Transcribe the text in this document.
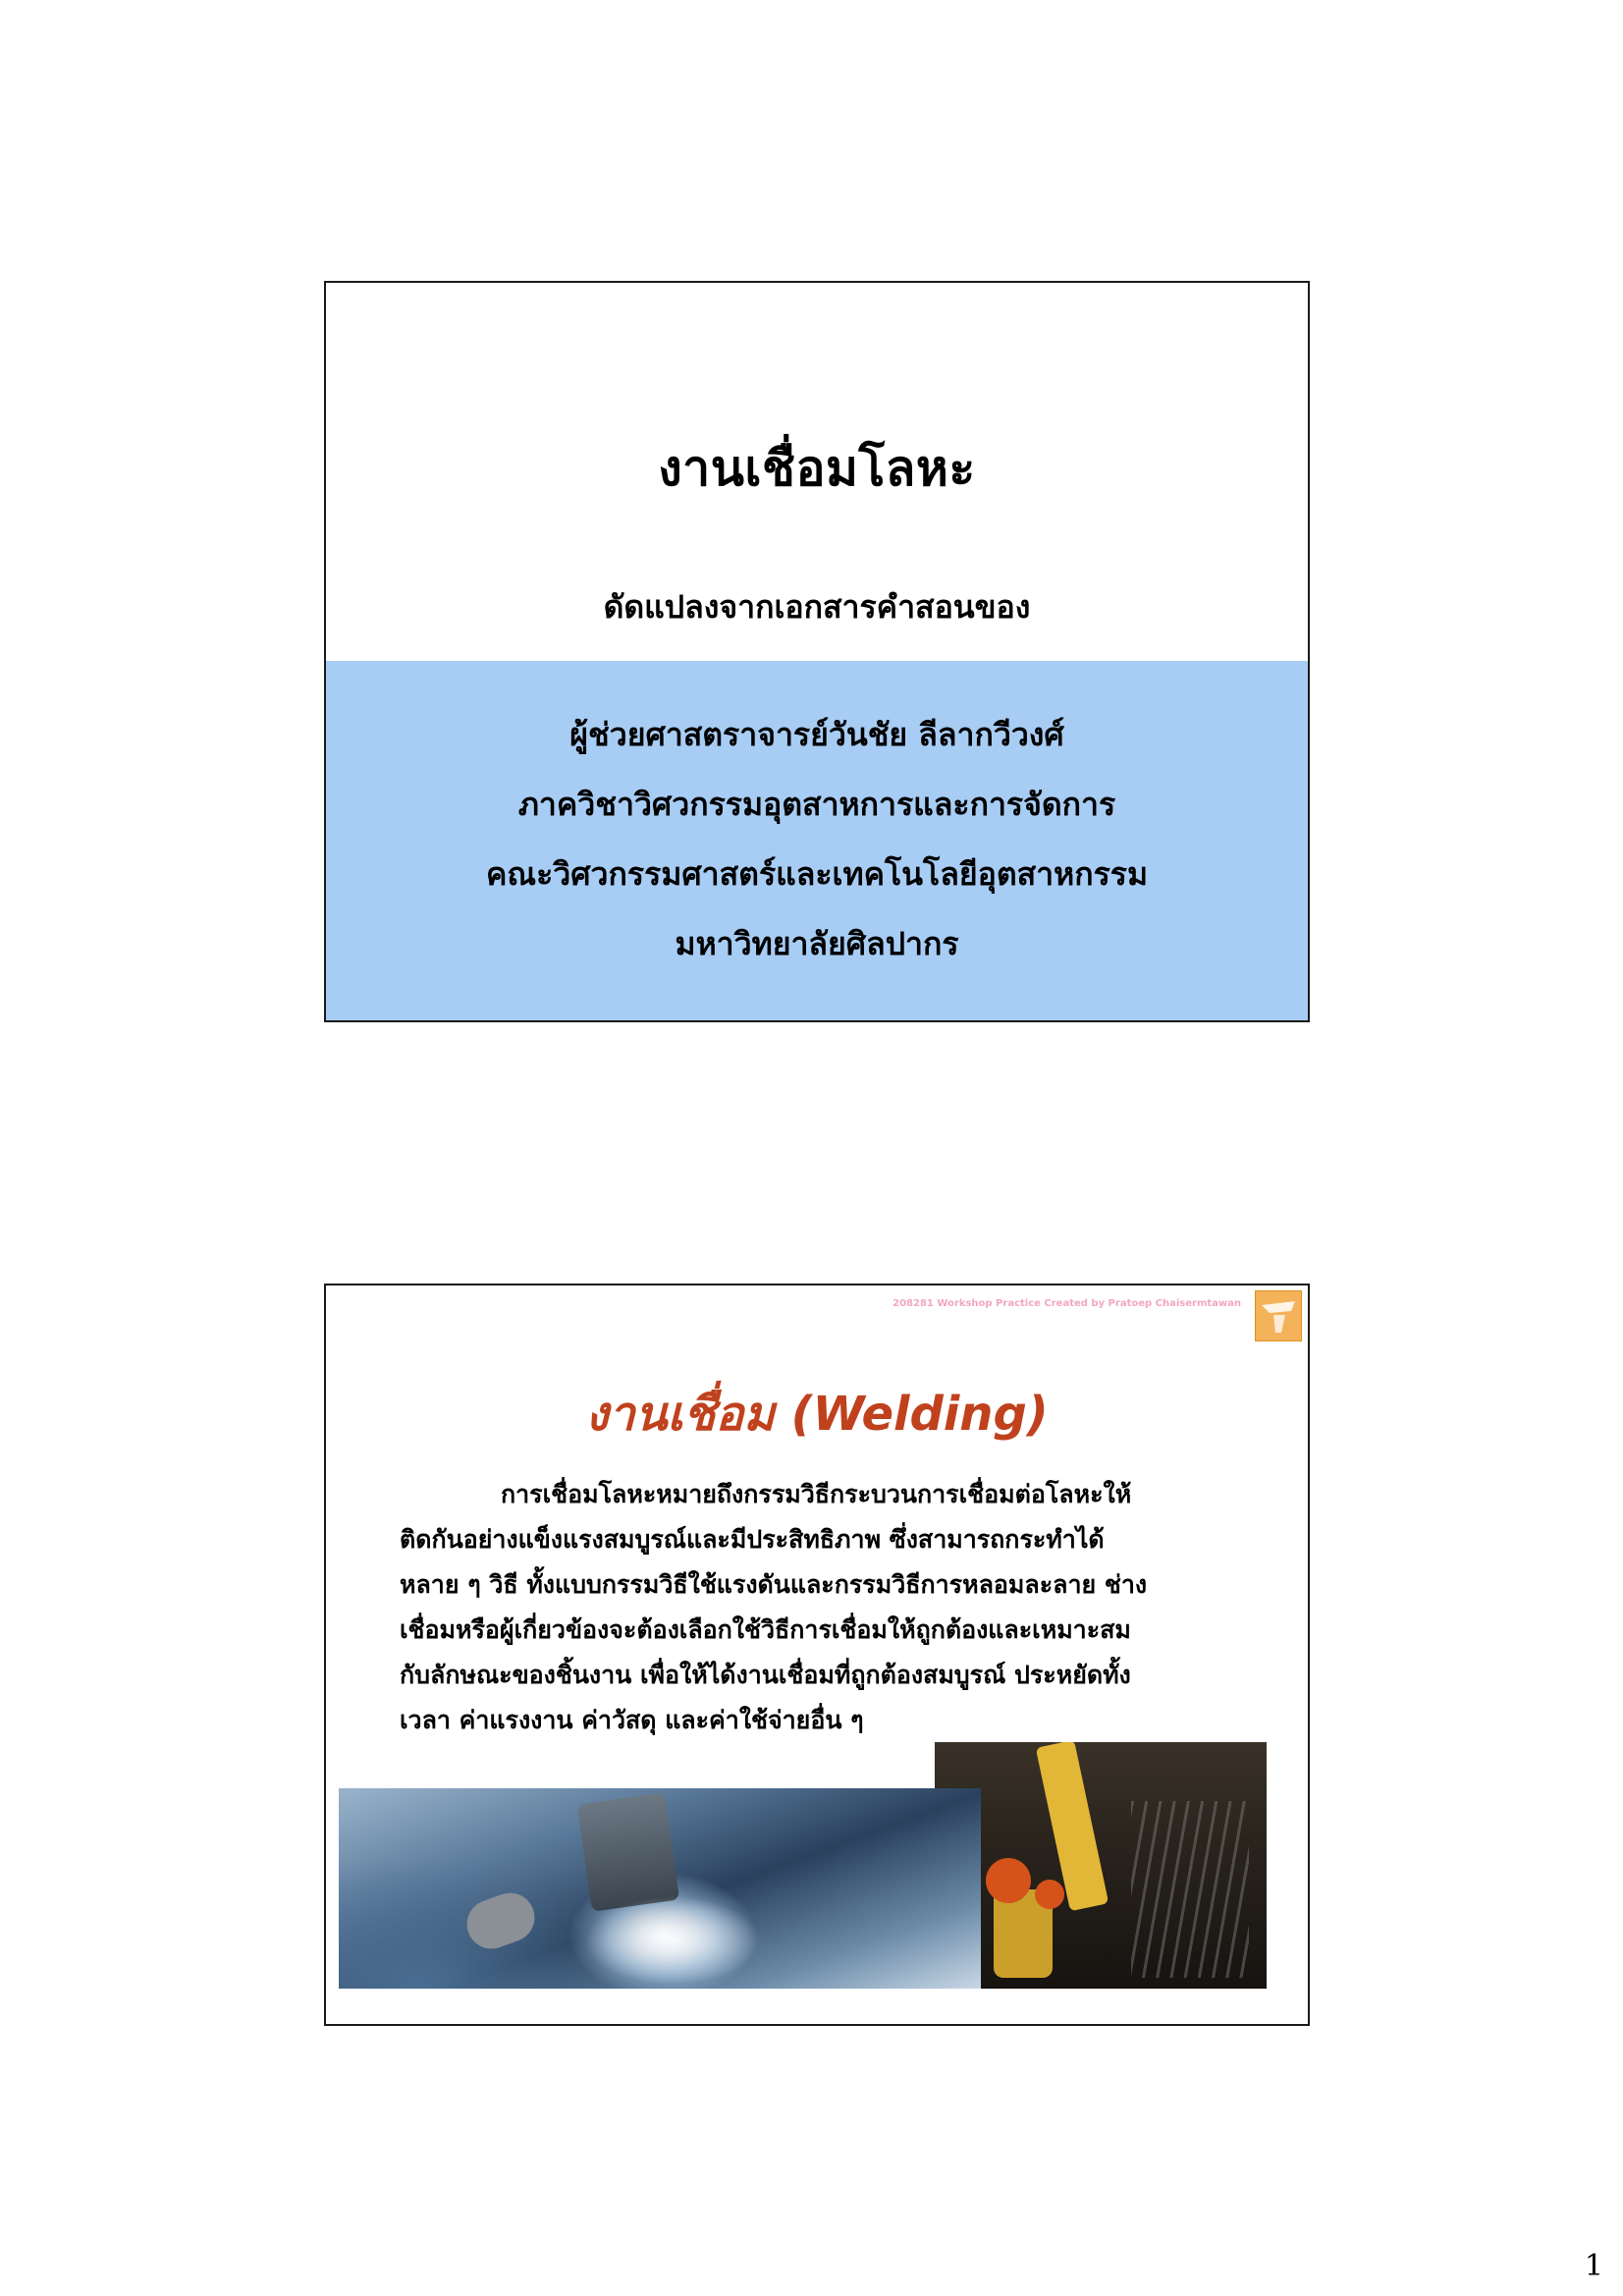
งานเชื่อมโลหะ
ดัดแปลงจากเอกสารคำสอนของ
ผู้ช่วยศาสตราจารย์วันชัย ลีลากวีวงศ์
ภาควิชาวิศวกรรมอุตสาหการและการจัดการ
คณะวิศวกรรมศาสตร์และเทคโนโลยีอุตสาหกรรม
มหาวิทยาลัยศิลปากร
208281 Workshop Practice Created by Pratoep Chaisermtawan
งานเชื่อม (Welding)
การเชื่อมโลหะหมายถึงกรรมวิธีกระบวนการเชื่อมต่อโลหะให้
ติดกันอย่างแข็งแรงสมบูรณ์และมีประสิทธิภาพ ซึ่งสามารถกระทำได้
หลาย ๆ วิธี ทั้งแบบกรรมวิธีใช้แรงดันและกรรมวิธีการหลอมละลาย ช่าง
เชื่อมหรือผู้เกี่ยวข้องจะต้องเลือกใช้วิธีการเชื่อมให้ถูกต้องและเหมาะสม
กับลักษณะของชิ้นงาน เพื่อให้ได้งานเชื่อมที่ถูกต้องสมบูรณ์ ประหยัดทั้ง
เวลา ค่าแรงงาน ค่าวัสดุ และค่าใช้จ่ายอื่น ๆ
1
